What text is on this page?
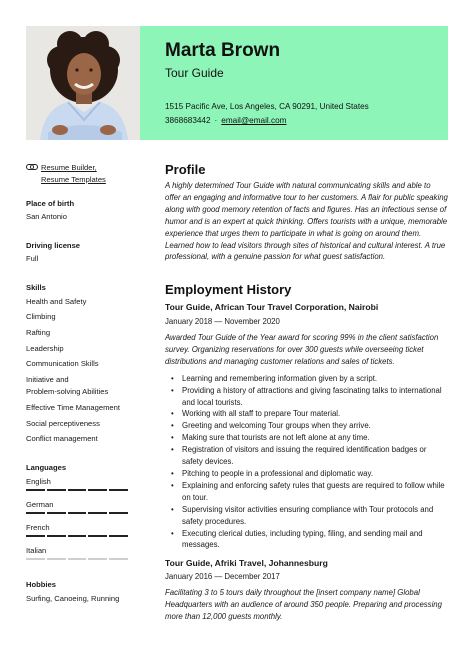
Marta Brown
Tour Guide
1515 Pacific Ave, Los Angeles, CA 90291, United States
3868683442 · email@email.com
Resume Builder,
Resume Templates
Place of birth
San Antonio
Driving license
Full
Skills
Health and Safety
Climbing
Rafting
Leadership
Communication Skills
Initiative and
Problem-solving Abilities
Effective Time Management
Social perceptiveness
Conflict management
Languages
English
German
French
Italian
Hobbies
Surfing, Canoeing, Running
Profile
A highly determined Tour Guide with natural communicating skills and able to
offer an engaging and informative tour to her customers. A flair for public speaking
along with good memory retention of facts and figures. Has an infectious sense of
humor and is an expert at quick thinking. Offers tourists with a unique, memorable
experience that urges them to participate in what is going on around them.
Learned how to lead visitors through sites of historical and cultural interest. A true
professional, with a genuine passion for what guest satisfaction.
Employment History
Tour Guide, African Tour Travel Corporation, Nairobi
January 2018 — November 2020
Awarded Tour Guide of the Year award for scoring 99% in the client satisfaction
survey. Organizing reservations for over 300 guests while overseeing ticket
distributions and managing customer relations and sales of tickets.
• Learning and remembering information given by a script.
• Providing a history of attractions and giving fascinating talks to international
and local tourists.
• Working with all staff to prepare Tour material.
• Greeting and welcoming Tour groups when they arrive.
• Making sure that tourists are not left alone at any time.
• Registration of visitors and issuing the required identification badges or
safety devices.
• Pitching to people in a professional and diplomatic way.
• Explaining and enforcing safety rules that guests are required to follow while
on tour.
• Supervising visitor activities ensuring compliance with Tour protocols and
safety procedures.
• Executing clerical duties, including typing, filing, and sending mail and
messages.
Tour Guide, Afriki Travel, Johannesburg
January 2016 — December 2017
Facilitating 3 to 5 tours daily throughout the [insert company name] Global
Headquarters with an audience of around 350 people. Preparing and processing
more than 12,000 guests monthly.
